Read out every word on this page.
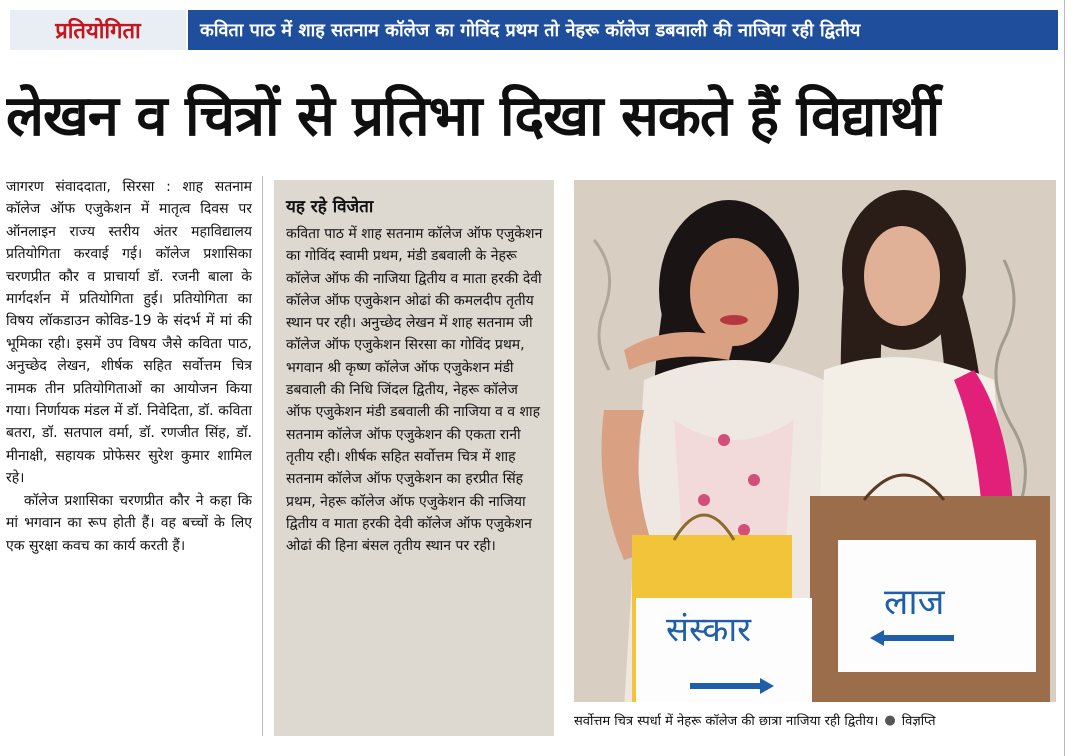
प्रतियोगिता	कविता पाठ में शाह सतनाम कॉलेज का गोविंद प्रथम तो नेहरू कॉलेज डबवाली की नाजिया रही द्वितीय
लेखन व चित्रों से प्रतिभा दिखा सकते हैं विद्यार्थी

जागरण संवाददाता, सिरसा : शाह सतनाम कॉलेज ऑफ एजुकेशन में मातृत्व दिवस पर ऑनलाइन राज्य स्तरीय अंतर महाविद्यालय प्रतियोगिता करवाई गई। कॉलेज प्रशासिका चरणप्रीत कौर व प्राचार्या डॉ. रजनी बाला के मार्गदर्शन में प्रतियोगिता हुई। प्रतियोगिता का विषय लॉकडाउन कोविड-19 के संदर्भ में मां की भूमिका रही। इसमें उप विषय जैसे कविता पाठ, अनुच्छेद लेखन, शीर्षक सहित सर्वोत्तम चित्र नामक तीन प्रतियोगिताओं का आयोजन किया गया। निर्णायक मंडल में डॉ. निवेदिता, डॉ. कविता बतरा, डॉ. सतपाल वर्मा, डॉ. रणजीत सिंह, डॉ. मीनाक्षी, सहायक प्रोफेसर सुरेश कुमार शामिल रहे।

कॉलेज प्रशासिका चरणप्रीत कौर ने कहा कि मां भगवान का रूप होती हैं। वह बच्चों के लिए एक सुरक्षा कवच का कार्य करती हैं।

यह रहे विजेता

कविता पाठ में शाह सतनाम कॉलेज ऑफ एजुकेशन का गोविंद स्वामी प्रथम, मंडी डबवाली के नेहरू कॉलेज ऑफ की नाजिया द्वितीय व माता हरकी देवी कॉलेज ऑफ एजुकेशन ओढां की कमलदीप तृतीय स्थान पर रही। अनुच्छेद लेखन में शाह सतनाम जी कॉलेज ऑफ एजुकेशन सिरसा का गोविंद प्रथम, भगवान श्री कृष्ण कॉलेज ऑफ एजुकेशन मंडी डबवाली की निधि जिंदल द्वितीय, नेहरू कॉलेज ऑफ एजुकेशन मंडी डबवाली की नाजिया व व शाह सतनाम कॉलेज ऑफ एजुकेशन की एकता रानी तृतीय रही। शीर्षक सहित सर्वोत्तम चित्र में शाह सतनाम कॉलेज ऑफ एजुकेशन का हरप्रीत सिंह प्रथम, नेहरू कॉलेज ऑफ एजुकेशन की नाजिया द्वितीय व माता हरकी देवी कॉलेज ऑफ एजुकेशन ओढां की हिना बंसल तृतीय स्थान पर रही।

संस्कार
लाज
सर्वोत्तम चित्र स्पर्धा में नेहरू कॉलेज की छात्रा नाजिया रही द्वितीय। ● विज्ञप्ति
